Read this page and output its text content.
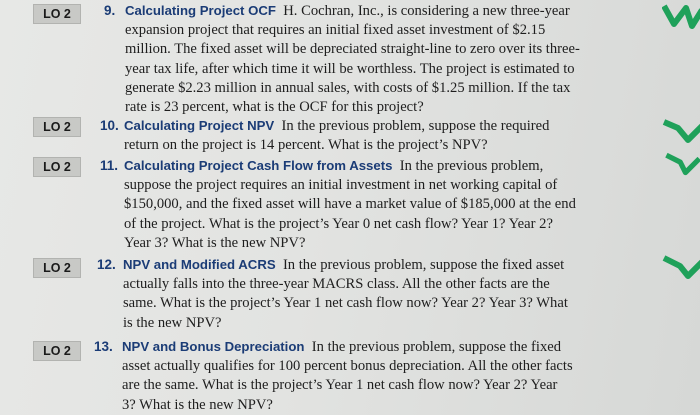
LO 2
LO 2
LO 2
LO 2
LO 2
9. Calculating Project OCF H. Cochran, Inc., is considering a new three-year
expansion project that requires an initial fixed asset investment of $2.15
million. The fixed asset will be depreciated straight-line to zero over its three-
year tax life, after which time it will be worthless. The project is estimated to
generate $2.23 million in annual sales, with costs of $1.25 million. If the tax
rate is 23 percent, what is the OCF for this project?
10. Calculating Project NPV In the previous problem, suppose the required
return on the project is 14 percent. What is the project’s NPV?
11. Calculating Project Cash Flow from Assets In the previous problem,
suppose the project requires an initial investment in net working capital of
$150,000, and the fixed asset will have a market value of $185,000 at the end
of the project. What is the project’s Year 0 net cash flow? Year 1? Year 2?
Year 3? What is the new NPV?
12. NPV and Modified ACRS In the previous problem, suppose the fixed asset
actually falls into the three-year MACRS class. All the other facts are the
same. What is the project’s Year 1 net cash flow now? Year 2? Year 3? What
is the new NPV?
13. NPV and Bonus Depreciation In the previous problem, suppose the fixed
asset actually qualifies for 100 percent bonus depreciation. All the other facts
are the same. What is the project’s Year 1 net cash flow now? Year 2? Year
3? What is the new NPV?
